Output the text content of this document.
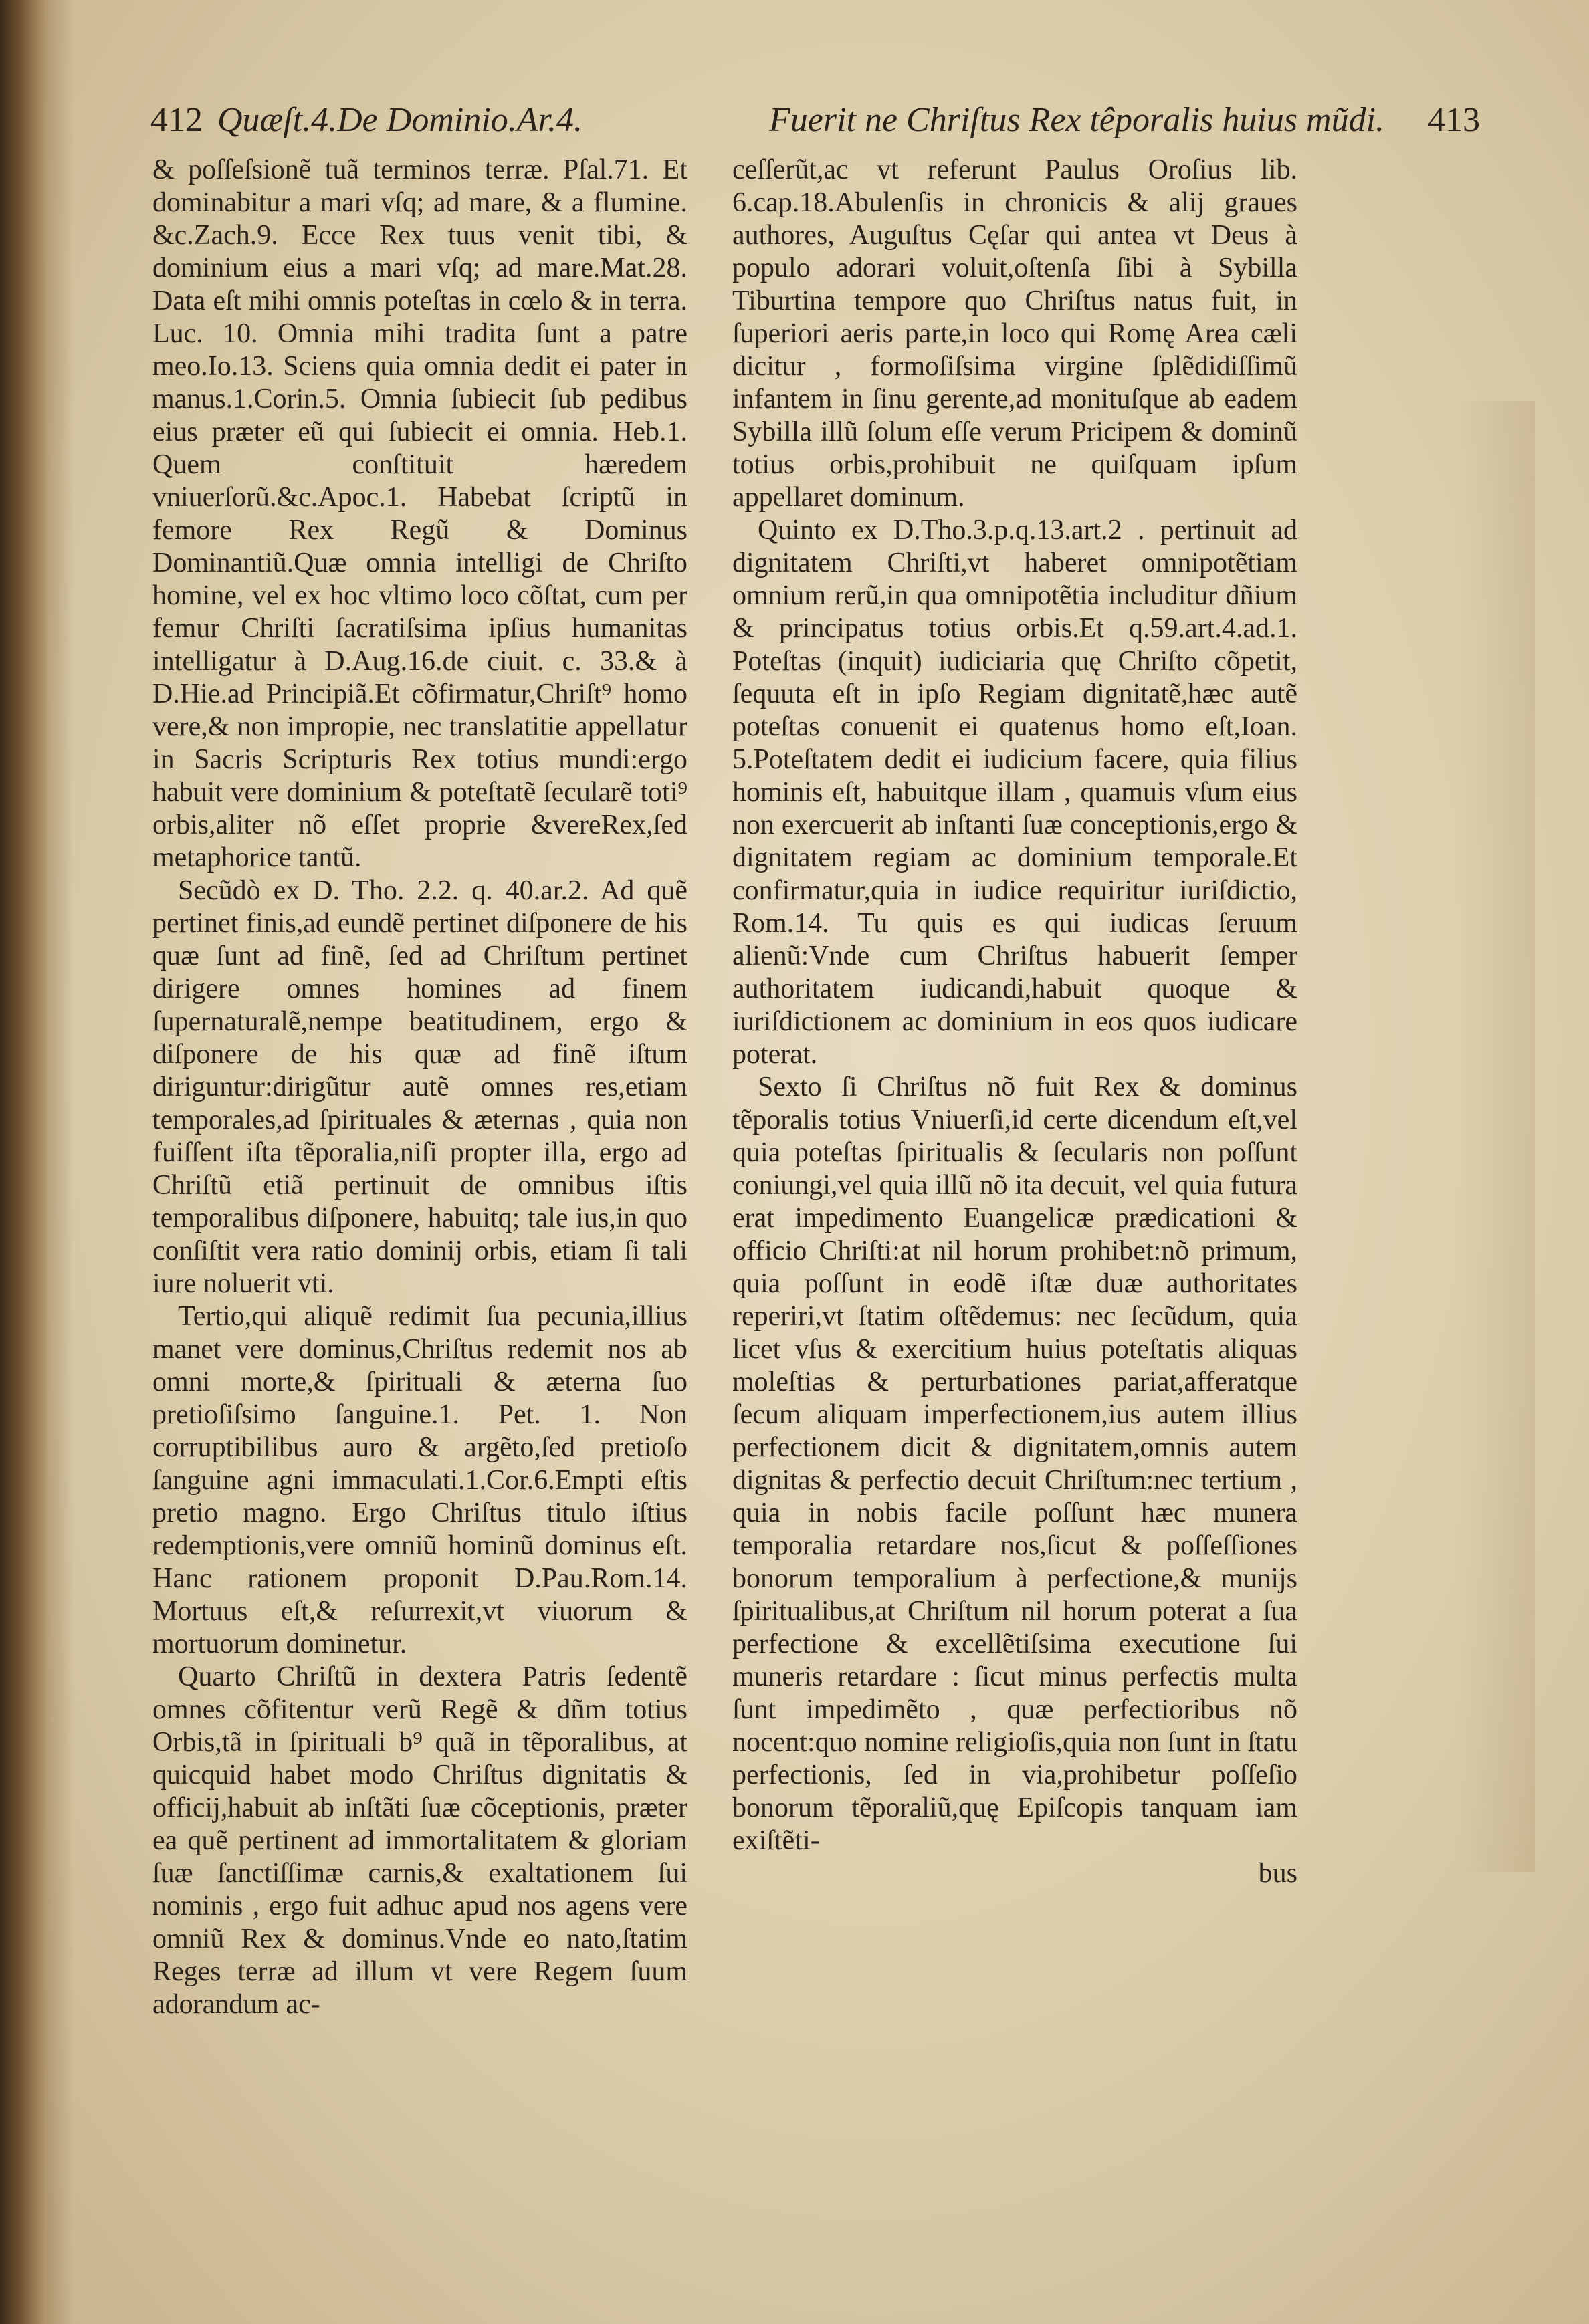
412 Quæſt.4.De Dominio.Ar.4.	Fuerit ne Chriſtus Rex têporalis huius mũdi. 413

& poſſeſsionẽ tuã terminos terræ. Pſal.71. Et dominabitur a mari vſq; ad mare, & a flumine. &c.Zach.9. Ecce Rex tuus venit tibi, & dominium eius a mari vſq; ad mare.Mat.28. Data eſt mihi omnis poteſtas in cœlo & in terra. Luc. 10. Omnia mihi tradita ſunt a patre meo.Io.13. Sciens quia omnia dedit ei pater in manus.1.Corin.5. Omnia ſubiecit ſub pedibus eius præter eũ qui ſubiecit ei omnia. Heb.1. Quem conſtituit hæredem vniuerſorũ.&c.Apoc.1. Habebat ſcriptũ in femore Rex Regũ & Dominus Dominantiũ.Quæ omnia intelligi de Chriſto homine, vel ex hoc vltimo loco cõſtat, cum per femur Chriſti ſacratiſsima ipſius humanitas intelligatur à D.Aug.16.de ciuit. c. 33.& à D.Hie.ad Principiã.Et cõfirmatur,Chriſt⁹ homo vere,& non impropie, nec translatitie appellatur in Sacris Scripturis Rex totius mundi:ergo habuit vere dominium & poteſtatẽ ſecularẽ toti⁹ orbis,aliter nõ eſſet proprie &vereRex,ſed metaphorice tantũ.

Secũdò ex D. Tho. 2.2. q. 40.ar.2. Ad quẽ pertinet finis,ad eundẽ pertinet diſponere de his quæ ſunt ad finẽ, ſed ad Chriſtum pertinet dirigere omnes homines ad finem ſupernaturalẽ,nempe beatitudinem, ergo & diſponere de his quæ ad finẽ iſtum diriguntur:dirigũtur autẽ omnes res,etiam temporales,ad ſpirituales & æternas , quia non fuiſſent iſta tẽporalia,niſi propter illa, ergo ad Chriſtũ etiã pertinuit de omnibus iſtis temporalibus diſponere, habuitq; tale ius,in quo conſiſtit vera ratio dominij orbis, etiam ſi tali iure noluerit vti.

Tertio,qui aliquẽ redimit ſua pecunia,illius manet vere dominus,Chriſtus redemit nos ab omni morte,& ſpirituali & æterna ſuo pretioſiſsimo ſanguine.1. Pet. 1. Non corruptibilibus auro & argẽto,ſed pretioſo ſanguine agni immaculati.1.Cor.6.Empti eſtis pretio magno. Ergo Chriſtus titulo iſtius redemptionis,vere omniũ hominũ dominus eſt. Hanc rationem proponit D.Pau.Rom.14. Mortuus eſt,& reſurrexit,vt viuorum & mortuorum dominetur.

Quarto Chriſtũ in dextera Patris ſedentẽ omnes cõfitentur verũ Regẽ & dñm totius Orbis,tã in ſpirituali b⁹ quã in tẽporalibus, at quicquid habet modo Chriſtus dignitatis & officij,habuit ab inſtãti ſuæ cõceptionis, præter ea quẽ pertinent ad immortalitatem & gloriam ſuæ ſanctiſſimæ carnis,& exaltationem ſui nominis , ergo fuit adhuc apud nos agens vere omniũ Rex & dominus.Vnde eo nato,ſtatim Reges terræ ad illum vt vere Regem ſuum adorandum ac-

ceſſerũt,ac vt referunt Paulus Oroſius lib. 6.cap.18.Abulenſis in chronicis & alij graues authores, Auguſtus Cęſar qui antea vt Deus à populo adorari voluit,oſtenſa ſibi à Sybilla Tiburtina tempore quo Chriſtus natus fuit, in ſuperiori aeris parte,in loco qui Romę Area cæli dicitur , formoſiſsima virgine ſplẽdidiſſimũ infantem in ſinu gerente,ad monituſque ab eadem Sybilla illũ ſolum eſſe verum Pricipem & dominũ totius orbis,prohibuit ne quiſquam ipſum appellaret dominum.

Quinto ex D.Tho.3.p.q.13.art.2 . pertinuit ad dignitatem Chriſti,vt haberet omnipotẽtiam omnium rerũ,in qua omnipotẽtia includitur dñium & principatus totius orbis.Et q.59.art.4.ad.1. Poteſtas (inquit) iudiciaria quę Chriſto cõpetit, ſequuta eſt in ipſo Regiam dignitatẽ,hæc autẽ poteſtas conuenit ei quatenus homo eſt,Ioan. 5.Poteſtatem dedit ei iudicium facere, quia filius hominis eſt, habuitque illam , quamuis vſum eius non exercuerit ab inſtanti ſuæ conceptionis,ergo & dignitatem regiam ac dominium temporale.Et confirmatur,quia in iudice requiritur iuriſdictio, Rom.14. Tu quis es qui iudicas ſeruum alienũ:Vnde cum Chriſtus habuerit ſemper authoritatem iudicandi,habuit quoque & iuriſdictionem ac dominium in eos quos iudicare poterat.

Sexto ſi Chriſtus nõ fuit Rex & dominus tẽporalis totius Vniuerſi,id certe dicendum eſt,vel quia poteſtas ſpiritualis & ſecularis non poſſunt coniungi,vel quia illũ nõ ita decuit, vel quia futura erat impedimento Euangelicæ prædicationi & officio Chriſti:at nil horum prohibet:nõ primum, quia poſſunt in eodẽ iſtæ duæ authoritates reperiri,vt ſtatim oſtẽdemus: nec ſecũdum, quia licet vſus & exercitium huius poteſtatis aliquas moleſtias & perturbationes pariat,afferatque ſecum aliquam imperfectionem,ius autem illius perfectionem dicit & dignitatem,omnis autem dignitas & perfectio decuit Chriſtum:nec tertium , quia in nobis facile poſſunt hæc munera temporalia retardare nos,ſicut & poſſeſſiones bonorum temporalium à perfectione,& munijs ſpiritualibus,at Chriſtum nil horum poterat a ſua perfectione & excellẽtiſsima executione ſui muneris retardare : ſicut minus perfectis multa ſunt impedimẽto , quæ perfectioribus nõ nocent:quo nomine religioſis,quia non ſunt in ſtatu perfectionis, ſed in via,prohibetur poſſeſio bonorum tẽporaliũ,quę Epiſcopis tanquam iam exiſtẽti-

bus
